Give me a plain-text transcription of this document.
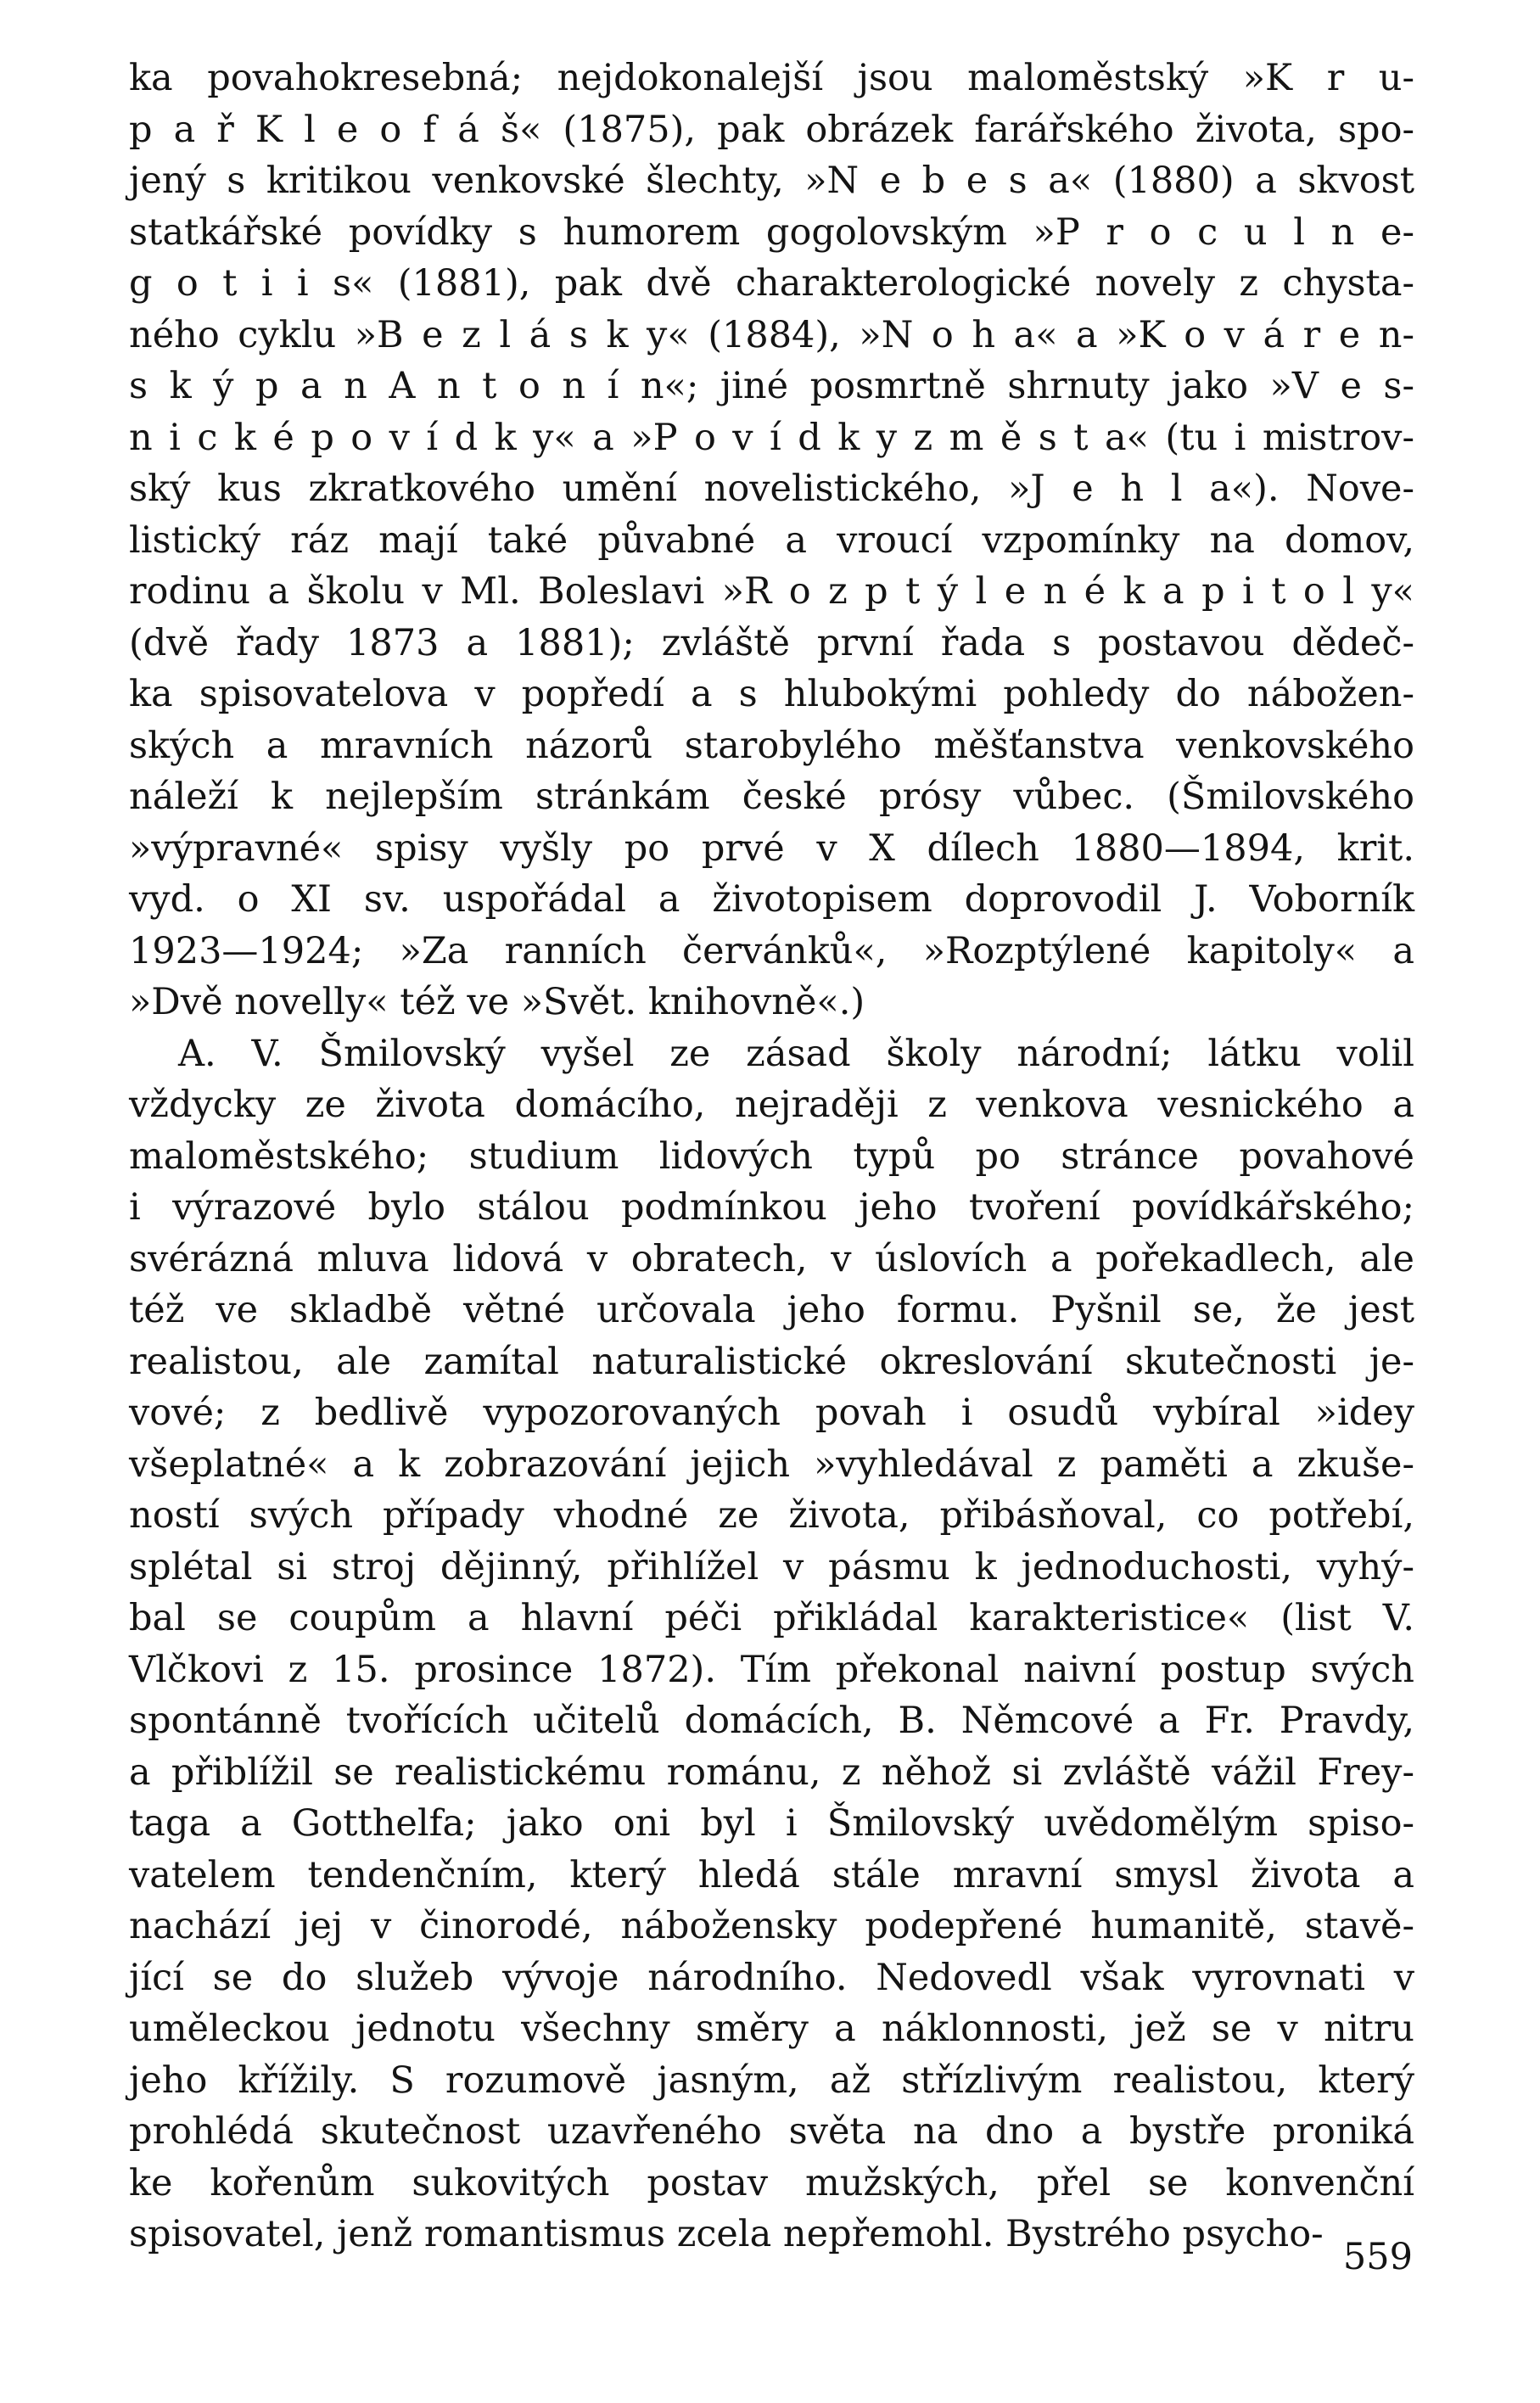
ka povahokresebná; nejdokonalejší jsou maloměstský »K r u-
p a ř K l e o f á š« (1875), pak obrázek farářského života, spo-
jený s kritikou venkovské šlechty, »N e b e s a« (1880) a skvost
statkářské povídky s humorem gogolovským »P r o c u l n e-
g o t i i s« (1881), pak dvě charakterologické novely z chysta-
ného cyklu »B e z l á s k y« (1884), »N o h a« a »K o v á r e n-
s k ý p a n A n t o n í n«; jiné posmrtně shrnuty jako »V e s-
n i c k é p o v í d k y« a »P o v í d k y z m ě s t a« (tu i mistrov-
ský kus zkratkového umění novelistického, »J e h l a«). Nove-
listický ráz mají také půvabné a vroucí vzpomínky na domov,
rodinu a školu v Ml. Boleslavi »R o z p t ý l e n é k a p i t o l y«
(dvě řady 1873 a 1881); zvláště první řada s postavou dědeč-
ka spisovatelova v popředí a s hlubokými pohledy do nábožen-
ských a mravních názorů starobylého měšťanstva venkovského
náleží k nejlepším stránkám české prósy vůbec. (Šmilovského
»výpravné« spisy vyšly po prvé v X dílech 1880—1894, krit.
vyd. o XI sv. uspořádal a životopisem doprovodil J. Voborník
1923—1924; »Za ranních červánků«, »Rozptýlené kapitoly« a
»Dvě novelly« též ve »Svět. knihovně«.)
A. V. Šmilovský vyšel ze zásad školy národní; látku volil
vždycky ze života domácího, nejraději z venkova vesnického a
maloměstského; studium lidových typů po stránce povahové
i výrazové bylo stálou podmínkou jeho tvoření povídkářského;
svérázná mluva lidová v obratech, v úslovích a pořekadlech, ale
též ve skladbě větné určovala jeho formu. Pyšnil se, že jest
realistou, ale zamítal naturalistické okreslování skutečnosti je-
vové; z bedlivě vypozorovaných povah i osudů vybíral »idey
všeplatné« a k zobrazování jejich »vyhledával z paměti a zkuše-
ností svých případy vhodné ze života, přibásňoval, co potřebí,
splétal si stroj dějinný, přihlížel v pásmu k jednoduchosti, vyhý-
bal se coupům a hlavní péči přikládal karakteristice« (list V.
Vlčkovi z 15. prosince 1872). Tím překonal naivní postup svých
spontánně tvořících učitelů domácích, B. Němcové a Fr. Pravdy,
a přiblížil se realistickému románu, z něhož si zvláště vážil Frey-
taga a Gotthelfa; jako oni byl i Šmilovský uvědomělým spiso-
vatelem tendenčním, který hledá stále mravní smysl života a
nachází jej v činorodé, nábožensky podepřené humanitě, stavě-
jící se do služeb vývoje národního. Nedovedl však vyrovnati v
uměleckou jednotu všechny směry a náklonnosti, jež se v nitru
jeho křížily. S rozumově jasným, až střízlivým realistou, který
prohlédá skutečnost uzavřeného světa na dno a bystře proniká
ke kořenům sukovitých postav mužských, přel se konvenční
spisovatel, jenž romantismus zcela nepřemohl. Bystrého psycho-
559
